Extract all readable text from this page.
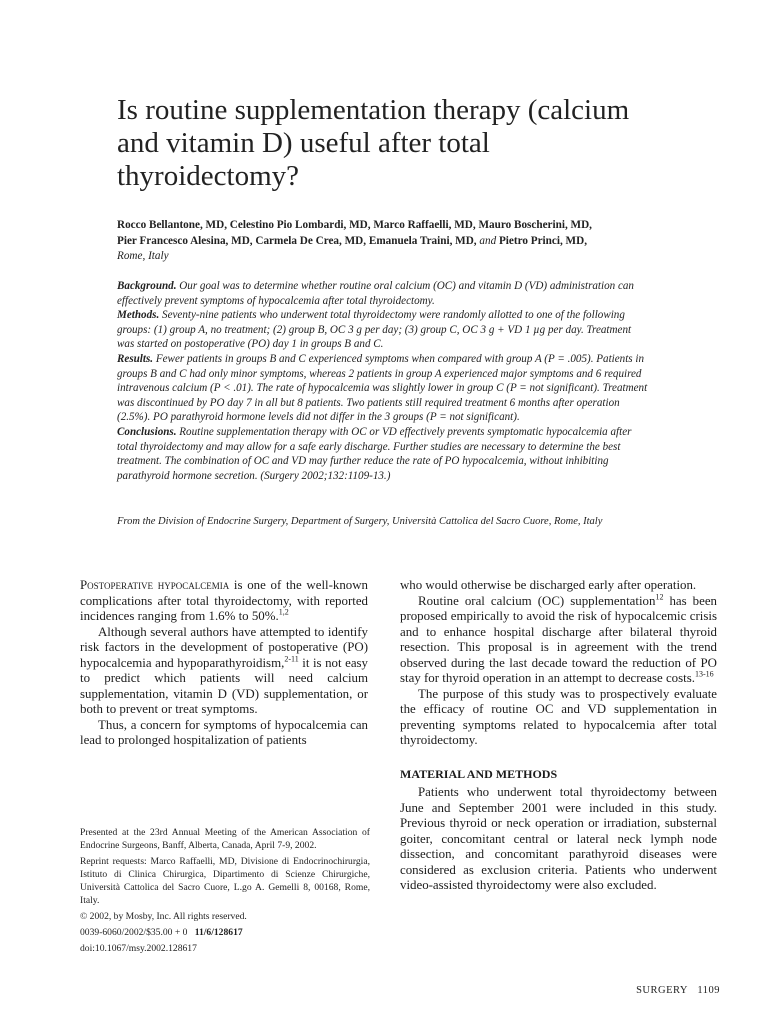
Is routine supplementation therapy (calcium and vitamin D) useful after total thyroidectomy?
Rocco Bellantone, MD, Celestino Pio Lombardi, MD, Marco Raffaelli, MD, Mauro Boscherini, MD,
Pier Francesco Alesina, MD, Carmela De Crea, MD, Emanuela Traini, MD, and Pietro Princi, MD,
Rome, Italy
Background. Our goal was to determine whether routine oral calcium (OC) and vitamin D (VD) administration can effectively prevent symptoms of hypocalcemia after total thyroidectomy.
Methods. Seventy-nine patients who underwent total thyroidectomy were randomly allotted to one of the following groups: (1) group A, no treatment; (2) group B, OC 3 g per day; (3) group C, OC 3 g + VD 1 µg per day. Treatment was started on postoperative (PO) day 1 in groups B and C.
Results. Fewer patients in groups B and C experienced symptoms when compared with group A (P = .005). Patients in groups B and C had only minor symptoms, whereas 2 patients in group A experienced major symptoms and 6 required intravenous calcium (P < .01). The rate of hypocalcemia was slightly lower in group C (P = not significant). Treatment was discontinued by PO day 7 in all but 8 patients. Two patients still required treatment 6 months after operation (2.5%). PO parathyroid hormone levels did not differ in the 3 groups (P = not significant).
Conclusions. Routine supplementation therapy with OC or VD effectively prevents symptomatic hypocalcemia after total thyroidectomy and may allow for a safe early discharge. Further studies are necessary to determine the best treatment. The combination of OC and VD may further reduce the rate of PO hypocalcemia, without inhibiting parathyroid hormone secretion. (Surgery 2002;132:1109-13.)
From the Division of Endocrine Surgery, Department of Surgery, Università Cattolica del Sacro Cuore, Rome, Italy

Postoperative hypocalcemia is one of the well-known complications after total thyroidectomy, with reported incidences ranging from 1.6% to 50%.$^{1,2}$

Although several authors have attempted to identify risk factors in the development of postoperative (PO) hypocalcemia and hypoparathyroidism,$^{2-11}$ it is not easy to predict which patients will need calcium supplementation, vitamin D (VD) supplementation, or both to prevent or treat symptoms.

Thus, a concern for symptoms of hypocalcemia can lead to prolonged hospitalization of patients

who would otherwise be discharged early after operation.

Routine oral calcium (OC) supplementation$^{12}$ has been proposed empirically to avoid the risk of hypocalcemic crisis and to enhance hospital discharge after bilateral thyroid resection. This proposal is in agreement with the trend observed during the last decade toward the reduction of PO stay for thyroid operation in an attempt to decrease costs.$^{13-16}$

The purpose of this study was to prospectively evaluate the efficacy of routine OC and VD supplementation in preventing symptoms related to hypocalcemia after total thyroidectomy.

MATERIAL AND METHODS

Patients who underwent total thyroidectomy between June and September 2001 were included in this study. Previous thyroid or neck operation or irradiation, substernal goiter, concomitant central or lateral neck lymph node dissection, and concomitant parathyroid diseases were considered as exclusion criteria. Patients who underwent video-assisted thyroidectomy were also excluded.

Presented at the 23rd Annual Meeting of the American Association of Endocrine Surgeons, Banff, Alberta, Canada, April 7-9, 2002.

Reprint requests: Marco Raffaelli, MD, Divisione di Endocrinochirurgia, Istituto di Clinica Chirurgica, Dipartimento di Scienze Chirurgiche, Università Cattolica del Sacro Cuore, L.go A. Gemelli 8, 00168, Rome, Italy.

© 2002, by Mosby, Inc. All rights reserved.

0039-6060/2002/$35.00 + 0 11/6/128617

doi:10.1067/msy.2002.128617

SURGERY 1109
